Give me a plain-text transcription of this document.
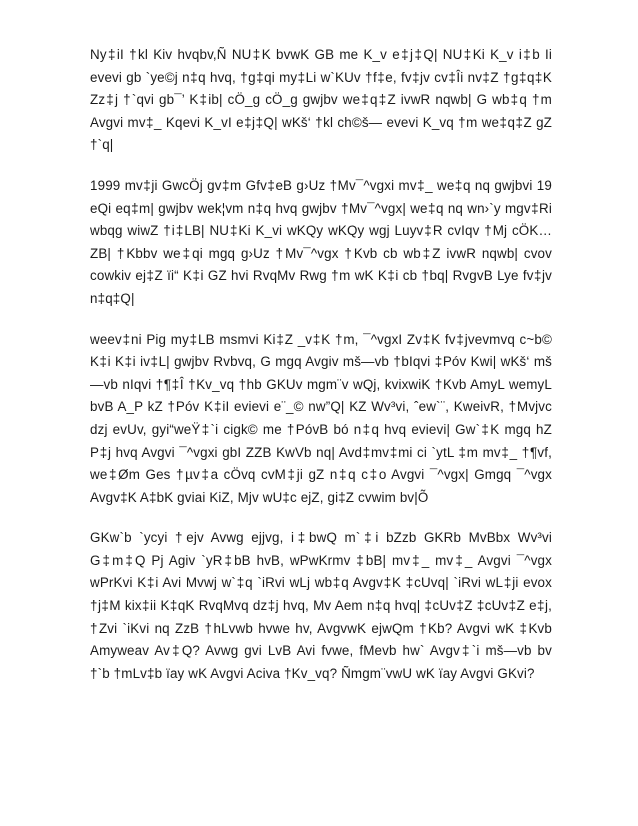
Ny‡iI †kl Kiv hvqbv,Ñ NU‡K bvwK GB me K_v e‡j‡Q| NU‡Ki K_v i‡b Ii
evevi gb `ye©j n‡q hvq, †g‡qi my‡Li w`KUv †f‡e, fv‡jv cv‡Îi nv‡Z †g‡q‡K
Zz‡j †`qvi gb¯’ K‡ib| cÖ_g cÖ_g gwjbv we‡q‡Z ivwR nqwb| G wb‡q †m
Avgvi mv‡_ Kqevi K_vI e‡j‡Q| wKš‘ †kl ch©š— evevi K_vq †m we‡q‡Z gZ
†`q|

1999 mv‡ji GwcÖj gv‡m Gfv‡eB g›Uz †Mv¯^vgxi mv‡_ we‡q nq gwjbvi 19
eQi eq‡m| gwjbv wek¦vm n‡q hvq gwjbv †Mv¯^vgx| we‡q nq wn›`y mgv‡Ri
wbqg wiwZ †i‡LB| NU‡Ki K_vi wKQy wKQy wgj Luyv‡R cvIqv †Mj cÖK…
ZB| †Kbbv we‡qi mgq g›Uz †Mv¯^vgx †Kvb cb wb‡Z ivwR nqwb| cvov
cowkiv ej‡Z ïi“ K‡i GZ hvi RvqMv Rwg †m wK K‡i cb †bq| RvgvB Lye fv‡jv
n‡q‡Q|

weev‡ni Pig my‡LB msmvi Ki‡Z _v‡K †m, ¯^vgxI Zv‡K fv‡jvevmvq c~b©
K‡i K‡i iv‡L| gwjbv Rvbvq, G mgq Avgiv mš—vb †bIqvi ‡Póv Kwi| wKš‘ mš
—vb nIqvi †¶‡Î †Kv_vq †hb GKUv mgm¨v wQj, kvixwiK †Kvb AmyL wemyL
bvB A_P kZ †Póv K‡iI evievi e¨_© nw”Q| KZ Wv³vi, ˆew`¨, KweivR, †Mvjvc
dzj evUv, gyi“weŸ‡`i cigk© me †PóvB bó n‡q hvq evievi| Gw`‡K mgq hZ
P‡j hvq Avgvi ¯^vgxi gbI ZZB KwVb nq| Avd‡mv‡mi ci `ytL ‡m mv‡_ †¶vf,
we‡Øm Ges †µv‡a cÖvq cvM‡ji gZ n‡q c‡o Avgvi ¯^vgx| Gmgq ¯^vgx
Avgv‡K A‡bK gviai KiZ, Mjv wU‡c ejZ, gi‡Z cvwim bv|Õ

GKw`b `ycyi †ejv Avwg ejjvg, i‡bwQ m`‡i bZzb GKRb MvBbx Wv³vi
G‡m‡Q Pj Agiv `yR‡bB hvB, wPwKrmv ‡bB| mv‡_ mv‡_ Avgvi ¯^vgx
wPrKvi K‡i Avi Mvwj w`‡q `iRvi wLj wb‡q Avgv‡K ‡cUvq| `iRvi wL‡ji evox
†j‡M kix‡ii K‡qK RvqMvq dz‡j hvq, Mv Aem n‡q hvq| ‡cUv‡Z ‡cUv‡Z e‡j,
†Zvi `iKvi nq ZzB †hLvwb hvwe hv, AvgvwK ejwQm †Kb? Avgvi wK ‡Kvb
Amyweav Av‡Q? Avwg gvi LvB Avi fvwe, fMevb hw` Avgv‡`i mš—vb bv
†`b †mLv‡b ïay wK Avgvi Aciva †Kv_vq? Ñmgm¨vwU wK ïay Avgvi GKvi?
